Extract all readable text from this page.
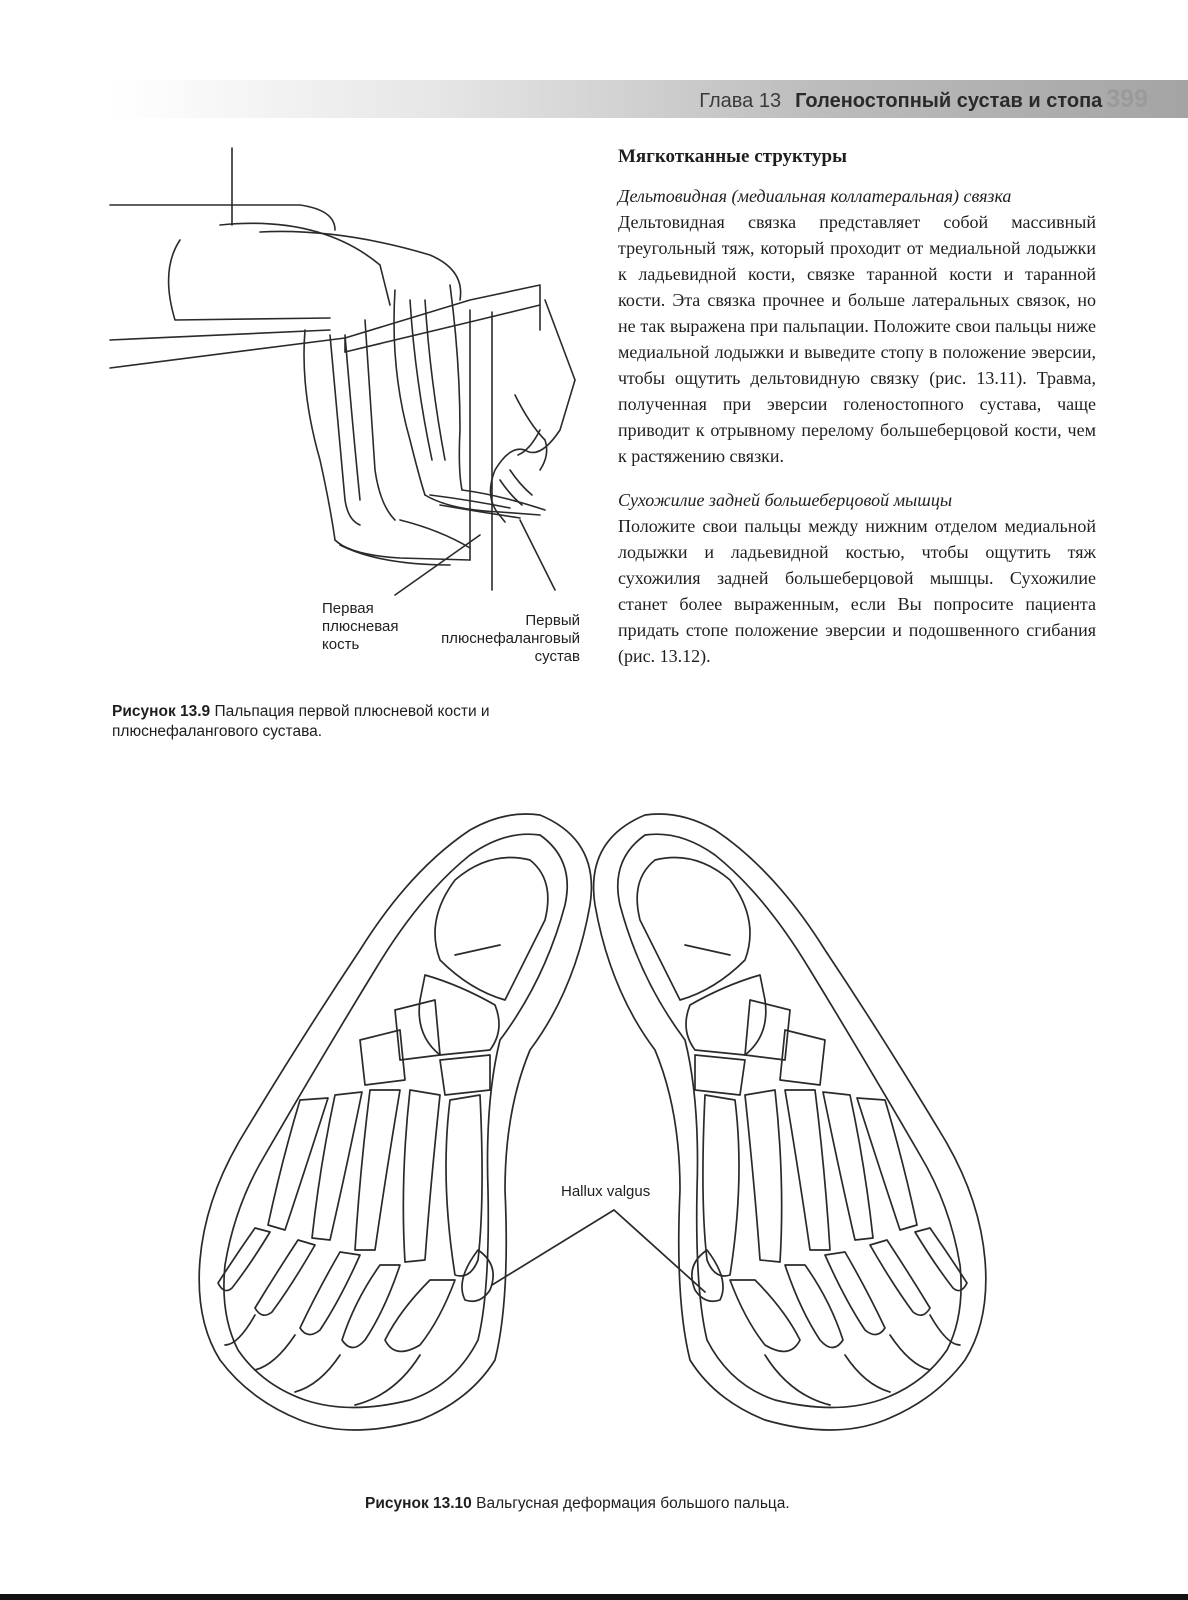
Глава 13 Голеностопный сустав и стопа 399
Первая плюсневая кость
Первый плюснефаланговый сустав
Рисунок 13.9 Пальпация первой плюсневой кости и плюснефалангового сустава.
Мягкотканные структуры

Дельтовидная (медиальная коллатеральная) связка

Дельтовидная связка представляет собой массивный треугольный тяж, который проходит от медиальной лодыжки к ладьевидной кости, связке таранной кости и таранной кости. Эта связка прочнее и больше латеральных связок, но не так выражена при пальпации. Положите свои пальцы ниже медиальной лодыжки и выведите стопу в положение эверсии, чтобы ощутить дельтовидную связку (рис. 13.11). Травма, полученная при эверсии голеностопного сустава, чаще приводит к отрывному перелому большеберцовой кости, чем к растяжению связки.

Сухожилие задней большеберцовой мышцы

Положите свои пальцы между нижним отделом медиальной лодыжки и ладьевидной костью, чтобы ощутить тяж сухожилия задней большеберцовой мышцы. Сухожилие станет более выраженным, если Вы попросите пациента придать стопе положение эверсии и подошвенного сгибания (рис. 13.12).

Hallux valgus
Рисунок 13.10 Вальгусная деформация большого пальца.
